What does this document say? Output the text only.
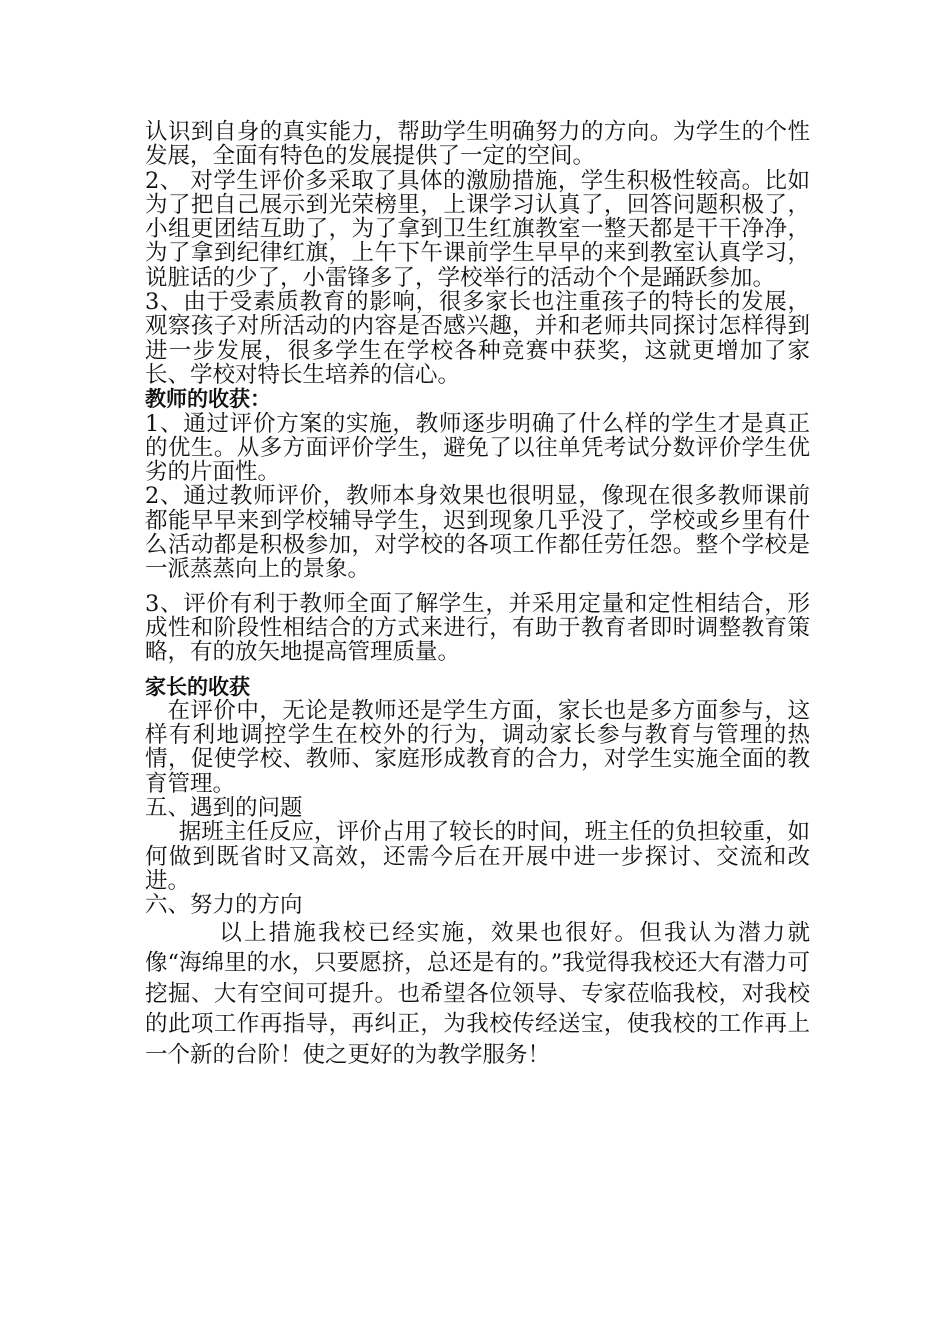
认识到自身的真实能力，帮助学生明确努力的方向。为学生的个性发展，全面有特色的发展提供了一定的空间。

2、 对学生评价多采取了具体的激励措施，学生积极性较高。比如为了把自己展示到光荣榜里，上课学习认真了，回答问题积极了，小组更团结互助了，为了拿到卫生红旗教室一整天都是干干净净，为了拿到纪律红旗，上午下午课前学生早早的来到教室认真学习，说脏话的少了，小雷锋多了，学校举行的活动个个是踊跃参加。

3、由于受素质教育的影响，很多家长也注重孩子的特长的发展，观察孩子对所活动的内容是否感兴趣，并和老师共同探讨怎样得到进一步发展，很多学生在学校各种竞赛中获奖，这就更增加了家长、学校对特长生培养的信心。

教师的收获：

1、通过评价方案的实施，教师逐步明确了什么样的学生才是真正的优生。从多方面评价学生，避免了以往单凭考试分数评价学生优劣的片面性。

2、通过教师评价，教师本身效果也很明显，像现在很多教师课前都能早早来到学校辅导学生，迟到现象几乎没了，学校或乡里有什么活动都是积极参加，对学校的各项工作都任劳任怨。整个学校是一派蒸蒸向上的景象。

3、评价有利于教师全面了解学生，并采用定量和定性相结合，形成性和阶段性相结合的方式来进行，有助于教育者即时调整教育策略，有的放矢地提高管理质量。

家长的收获

在评价中，无论是教师还是学生方面，家长也是多方面参与，这样有利地调控学生在校外的行为，调动家长参与教育与管理的热情，促使学校、教师、家庭形成教育的合力，对学生实施全面的教育管理。

五、遇到的问题

据班主任反应，评价占用了较长的时间，班主任的负担较重，如何做到既省时又高效，还需今后在开展中进一步探讨、交流和改进。

六、努力的方向

以上措施我校已经实施，效果也很好。但我认为潜力就像“海绵里的水，只要愿挤，总还是有的。”我觉得我校还大有潜力可挖掘、大有空间可提升。也希望各位领导、专家莅临我校，对我校的此项工作再指导，再纠正，为我校传经送宝，使我校的工作再上一个新的台阶！使之更好的为教学服务！
